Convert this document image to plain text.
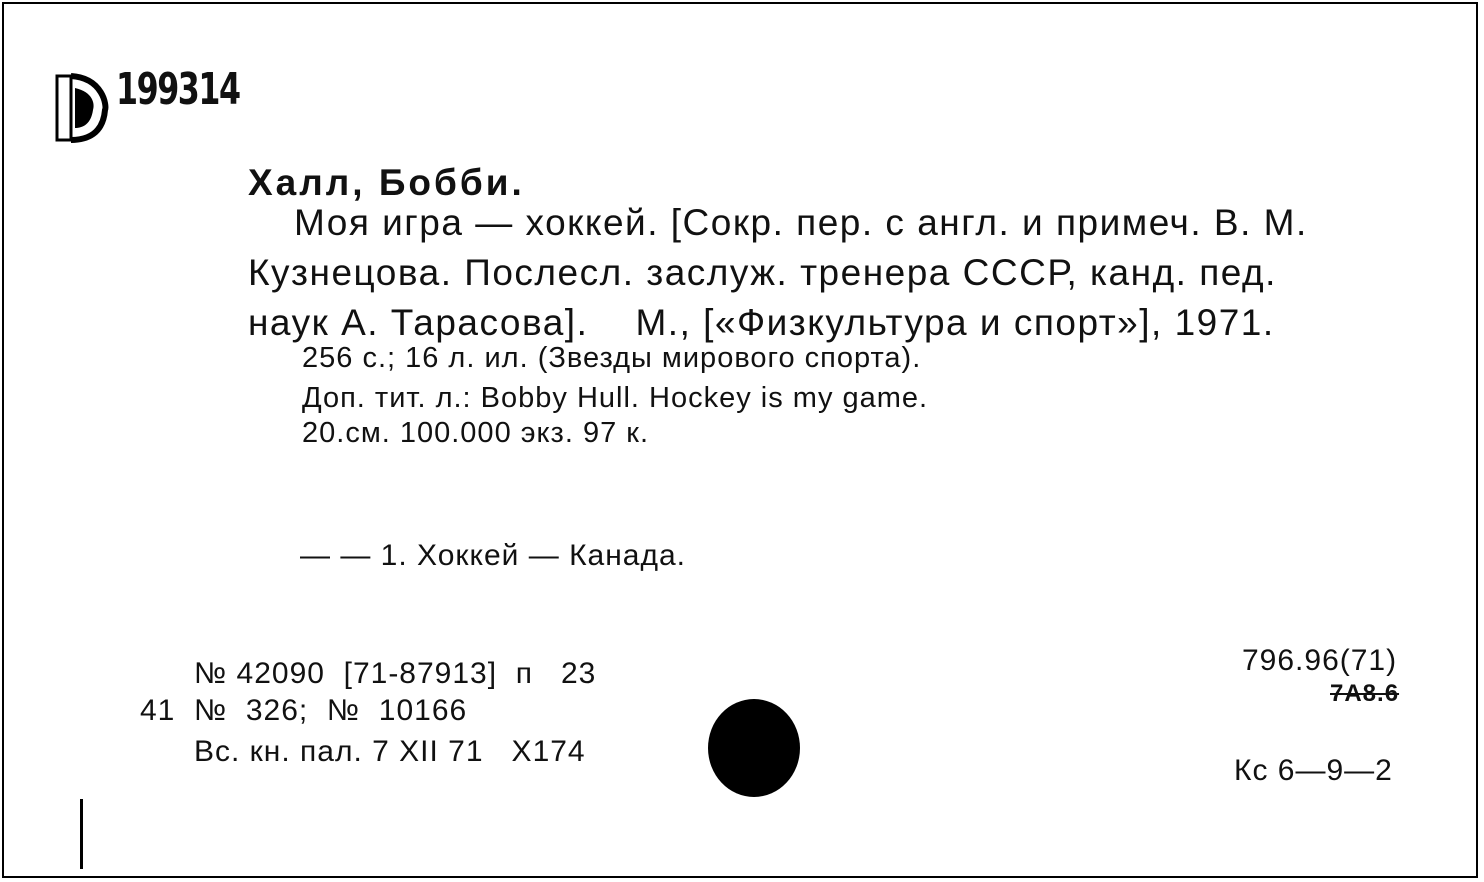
199314
Халл, Бобби.
Моя игра — хоккей. [Сокр. пер. с англ. и примеч. В. М.
Кузнецова. Послесл. заслуж. тренера СССР, канд. пед.
наук А. Тарасова].    М., [«Физкультура и спорт»], 1971.
256 с.; 16 л. ил. (Звезды мирового спорта).
Доп. тит. л.: Bobby Hull. Hockey is my game.
20.см. 100.000 экз. 97 к.
— — 1. Хоккей — Канада.
№ 42090  [71-87913]  п   23
41 №  326;  №  10166
Вс. кн. пал. 7 XII 71   X174
796.96(71)
7А8.6
Кс 6—9—2
